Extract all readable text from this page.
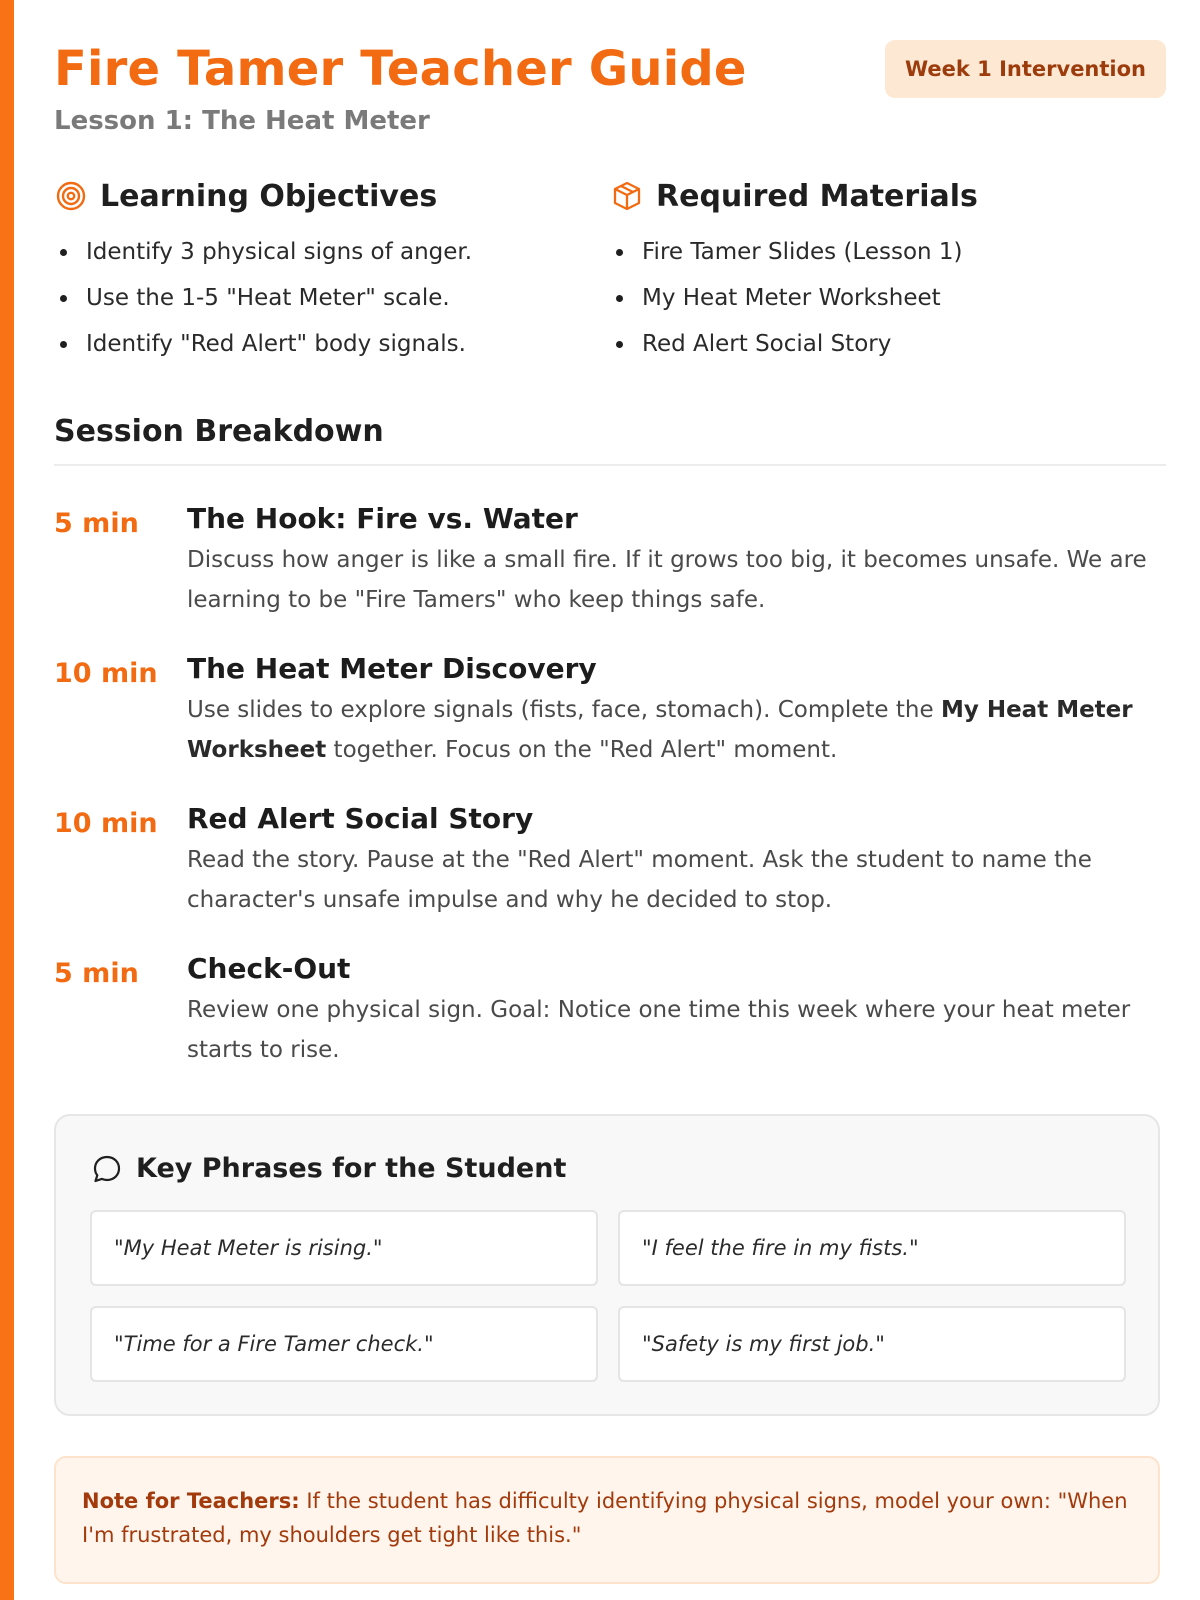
Fire Tamer Teacher Guide
Lesson 1: The Heat Meter
Week 1 Intervention
Learning Objectives
Identify 3 physical signs of anger.
Use the 1-5 "Heat Meter" scale.
Identify "Red Alert" body signals.
Required Materials
Fire Tamer Slides (Lesson 1)
My Heat Meter Worksheet
Red Alert Social Story
Session Breakdown
5 min	The Hook: Fire vs. Water
Discuss how anger is like a small fire. If it grows too big, it becomes unsafe. We are learning to be "Fire Tamers" who keep things safe.
10 min	The Heat Meter Discovery
Use slides to explore signals (fists, face, stomach). Complete the My Heat Meter Worksheet together. Focus on the "Red Alert" moment.
10 min	Red Alert Social Story
Read the story. Pause at the "Red Alert" moment. Ask the student to name the character's unsafe impulse and why he decided to stop.
5 min	Check-Out
Review one physical sign. Goal: Notice one time this week where your heat meter starts to rise.
Key Phrases for the Student
"My Heat Meter is rising."	"I feel the fire in my fists."
"Time for a Fire Tamer check."	"Safety is my first job."
Note for Teachers: If the student has difficulty identifying physical signs, model your own: "When I'm frustrated, my shoulders get tight like this."
